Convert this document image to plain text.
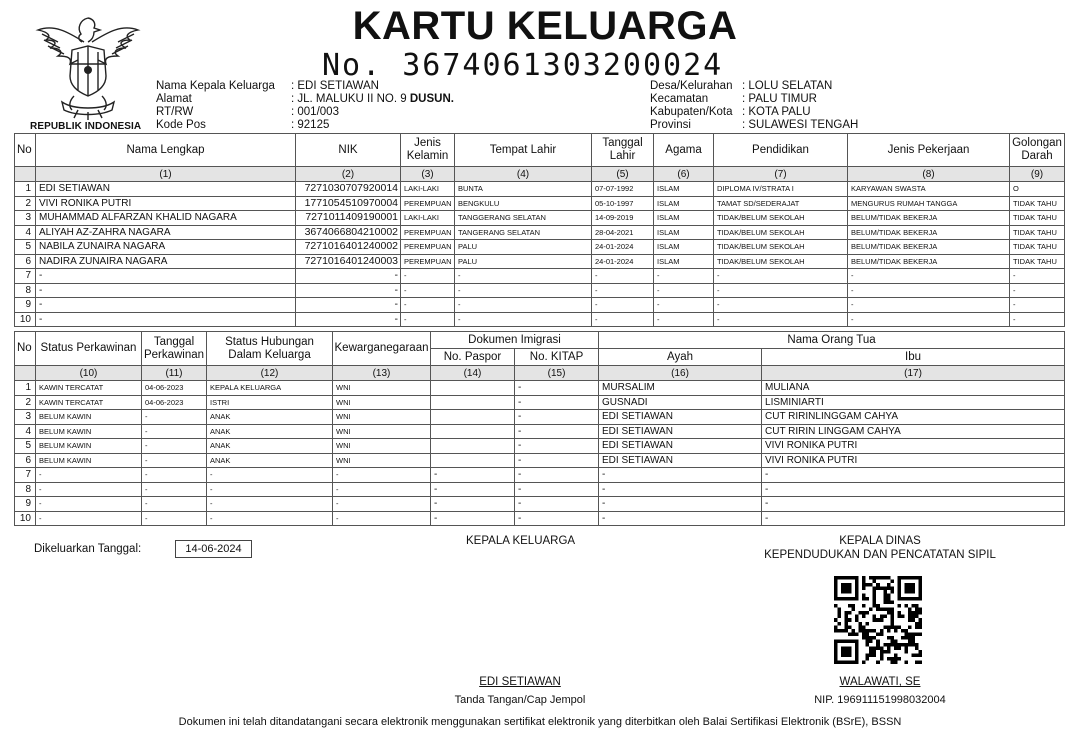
REPUBLIK INDONESIA
KARTU KELUARGA
No. 3674061303200024
Nama Kepala Keluarga	: EDI SETIAWAN
Alamat	: JL. MALUKU II NO. 9
DUSUN.
RT/RW	: 001/003
Kode Pos	: 92125
Desa/Kelurahan : LOLU SELATAN
Kecamatan	: PALU TIMUR
Kabupaten/Kota : KOTA PALU
Provinsi	: SULAWESI TENGAH
No	Nama Lengkap	NIK	Jenis Kelamin	Tempat Lahir	Tanggal Lahir	Agama	Pendidikan	Jenis Pekerjaan	Golongan Darah
	(1)	(2)	(3)	(4)	(5)	(6)	(7)	(8)	(9)
1	EDI SETIAWAN	7271030707920014	LAKI-LAKI	BUNTA	07-07-1992	ISLAM	DIPLOMA IV/STRATA I	KARYAWAN SWASTA	O
2	VIVI RONIKA PUTRI	1771054510970004	PEREMPUAN	BENGKULU	05-10-1997	ISLAM	TAMAT SD/SEDERAJAT	MENGURUS RUMAH TANGGA	TIDAK TAHU
3	MUHAMMAD ALFARZAN KHALID NAGARA	7271011409190001	LAKI-LAKI	TANGGERANG SELATAN	14-09-2019	ISLAM	TIDAK/BELUM SEKOLAH	BELUM/TIDAK BEKERJA	TIDAK TAHU
4	ALIYAH AZ-ZAHRA NAGARA	3674066804210002	PEREMPUAN	TANGERANG SELATAN	28-04-2021	ISLAM	TIDAK/BELUM SEKOLAH	BELUM/TIDAK BEKERJA	TIDAK TAHU
5	NABILA ZUNAIRA NAGARA	7271016401240002	PEREMPUAN	PALU	24-01-2024	ISLAM	TIDAK/BELUM SEKOLAH	BELUM/TIDAK BEKERJA	TIDAK TAHU
6	NADIRA ZUNAIRA NAGARA	7271016401240003	PEREMPUAN	PALU	24-01-2024	ISLAM	TIDAK/BELUM SEKOLAH	BELUM/TIDAK BEKERJA	TIDAK TAHU
7	-	-	-	-	-	-	-	-	-
8	-	-	-	-	-	-	-	-	-
9	-	-	-	-	-	-	-	-	-
10	-	-	-	-	-	-	-	-	-
No	Status Perkawinan	Tanggal Perkawinan	Status Hubungan Dalam Keluarga	Kewarganegaraan	Dokumen Imigrasi		Nama Orang Tua	
					No. Paspor	No. KITAP	Ayah	Ibu
	(10)	(11)	(12)	(13)	(14)	(15)	(16)	(17)
1	KAWIN TERCATAT	04-06-2023	KEPALA KELUARGA	WNI		-	MURSALIM	MULIANA
2	KAWIN TERCATAT	04-06-2023	ISTRI	WNI		-	GUSNADI	LISMINIARTI
3	BELUM KAWIN	-	ANAK	WNI		-	EDI SETIAWAN	CUT RIRINLINGGAM CAHYA
4	BELUM KAWIN	-	ANAK	WNI		-	EDI SETIAWAN	CUT RIRIN LINGGAM CAHYA
5	BELUM KAWIN	-	ANAK	WNI		-	EDI SETIAWAN	VIVI RONIKA PUTRI
6	BELUM KAWIN	-	ANAK	WNI		-	EDI SETIAWAN	VIVI RONIKA PUTRI
7	-	-	-	-	-	-	-	-
8	-	-	-	-	-	-	-	-
9	-	-	-	-	-	-	-	-
10	-	-	-	-	-	-	-	-
Dikeluarkan Tanggal:	14-06-2024
KEPALA KELUARGA	KEPALA DINAS
KEPENDUDUKAN DAN PENCATATAN SIPIL
EDI SETIAWAN
Tanda Tangan/Cap Jempol
WALAWATI, SE
NIP. 196911151998032004
Dokumen ini telah ditandatangani secara elektronik menggunakan sertifikat elektronik yang diterbitkan oleh Balai Sertifikasi Elektronik (BSrE), BSSN
